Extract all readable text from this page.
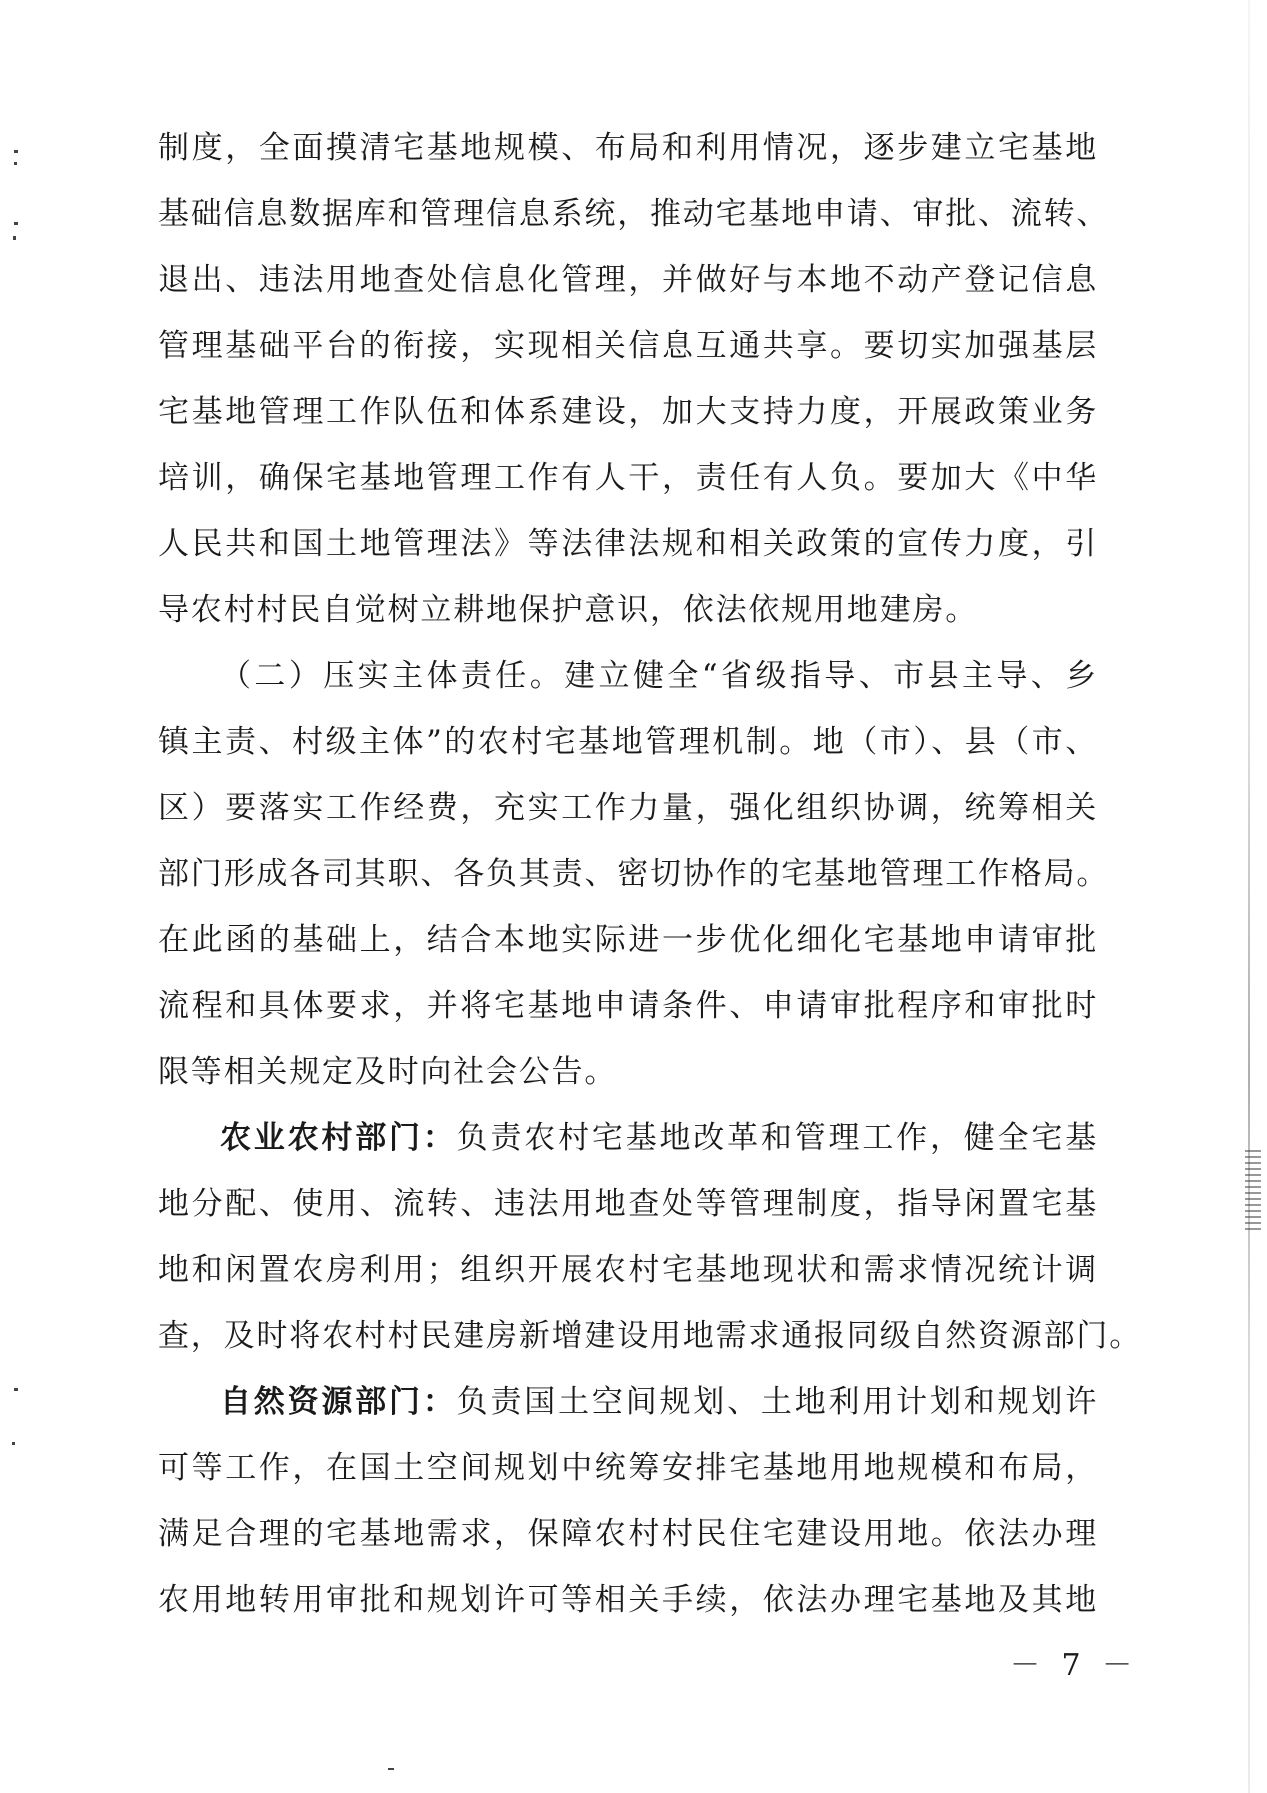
制度，全面摸清宅基地规模、布局和利用情况，逐步建立宅基地
基础信息数据库和管理信息系统，推动宅基地申请、审批、流转、
退出、违法用地查处信息化管理，并做好与本地不动产登记信息
管理基础平台的衔接，实现相关信息互通共享。要切实加强基层
宅基地管理工作队伍和体系建设，加大支持力度，开展政策业务
培训，确保宅基地管理工作有人干，责任有人负。要加大《中华
人民共和国土地管理法》等法律法规和相关政策的宣传力度，引
导农村村民自觉树立耕地保护意识，依法依规用地建房。
（二）压实主体责任。建立健全“省级指导、市县主导、乡
镇主责、村级主体”的农村宅基地管理机制。地（市）、县（市、
区）要落实工作经费，充实工作力量，强化组织协调，统筹相关
部门形成各司其职、各负其责、密切协作的宅基地管理工作格局。
在此函的基础上，结合本地实际进一步优化细化宅基地申请审批
流程和具体要求，并将宅基地申请条件、申请审批程序和审批时
限等相关规定及时向社会公告。
农业农村部门：负责农村宅基地改革和管理工作，健全宅基
地分配、使用、流转、违法用地查处等管理制度，指导闲置宅基
地和闲置农房利用；组织开展农村宅基地现状和需求情况统计调
查，及时将农村村民建房新增建设用地需求通报同级自然资源部门。
自然资源部门：负责国土空间规划、土地利用计划和规划许
可等工作，在国土空间规划中统筹安排宅基地用地规模和布局，
满足合理的宅基地需求，保障农村村民住宅建设用地。依法办理
农用地转用审批和规划许可等相关手续，依法办理宅基地及其地
－ 7 －
